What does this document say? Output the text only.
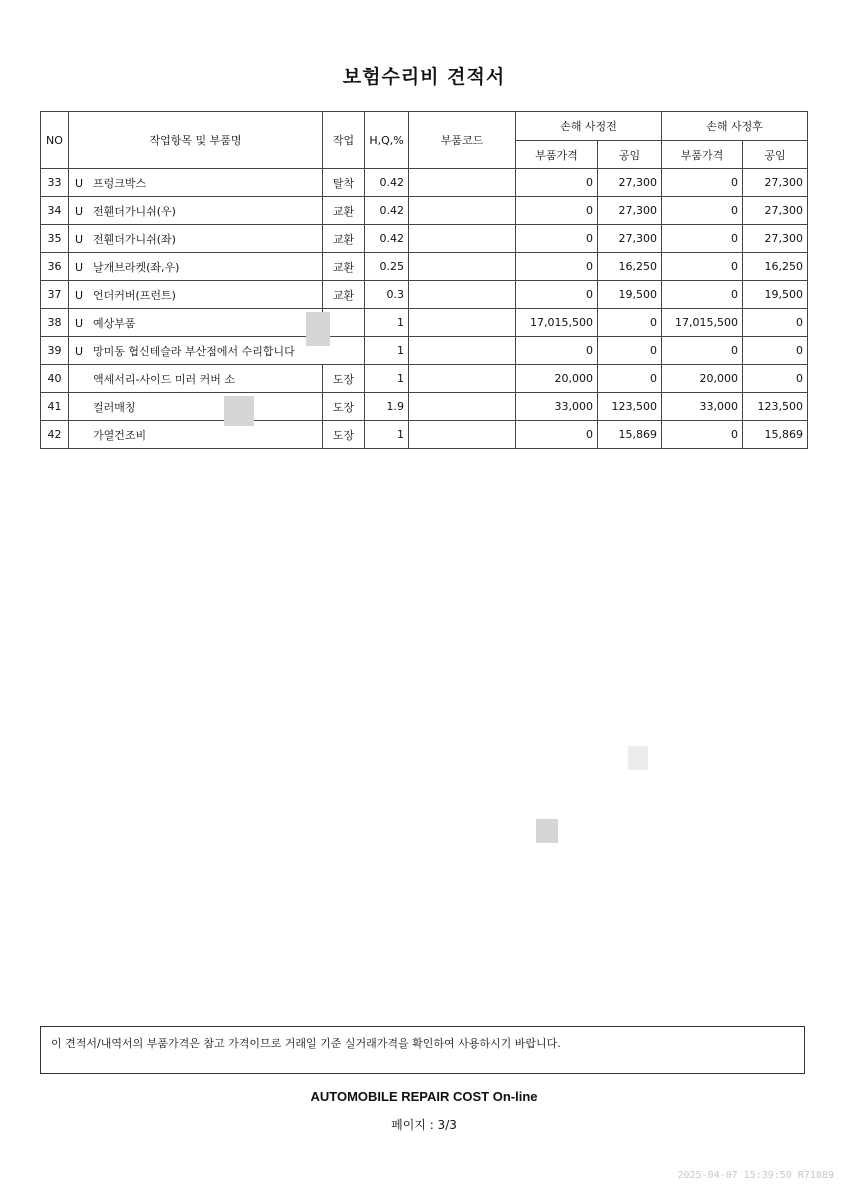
보험수리비 견적서
NO	작업항목 및 부품명	작업	H,Q,%	부품코드	손해 사정전		손해 사정후	
					부품가격	공임	부품가격	공임
33	U 프렁크박스	탈착	0.42		0	27,300	0	27,300
34	U 전휀더가니쉬(우)	교환	0.42		0	27,300	0	27,300
35	U 전휀더가니쉬(좌)	교환	0.42		0	27,300	0	27,300
36	U 날개브라켓(좌,우)	교환	0.25		0	16,250	0	16,250
37	U 언더커버(프런트)	교환	0.3		0	19,500	0	19,500
38	U 예상부품		1		17,015,500	0	17,015,500	0
39	U 망미동 협신테슬라 부산점에서 수리합니다		1		0	0	0	0
40	액세서리-사이드 미러 커버 소	도장	1		20,000	0	20,000	0
41	컬러매칭	도장	1.9		33,000	123,500	33,000	123,500
42	가열건조비	도장	1		0	15,869	0	15,869
이 견적서/내역서의 부품가격은 참고 가격이므로 거래일 기준 실거래가격을 확인하여 사용하시기 바랍니다.
AUTOMOBILE REPAIR COST On-line
페이지 : 3/3
2025-04-07 15:39:50 R71889
